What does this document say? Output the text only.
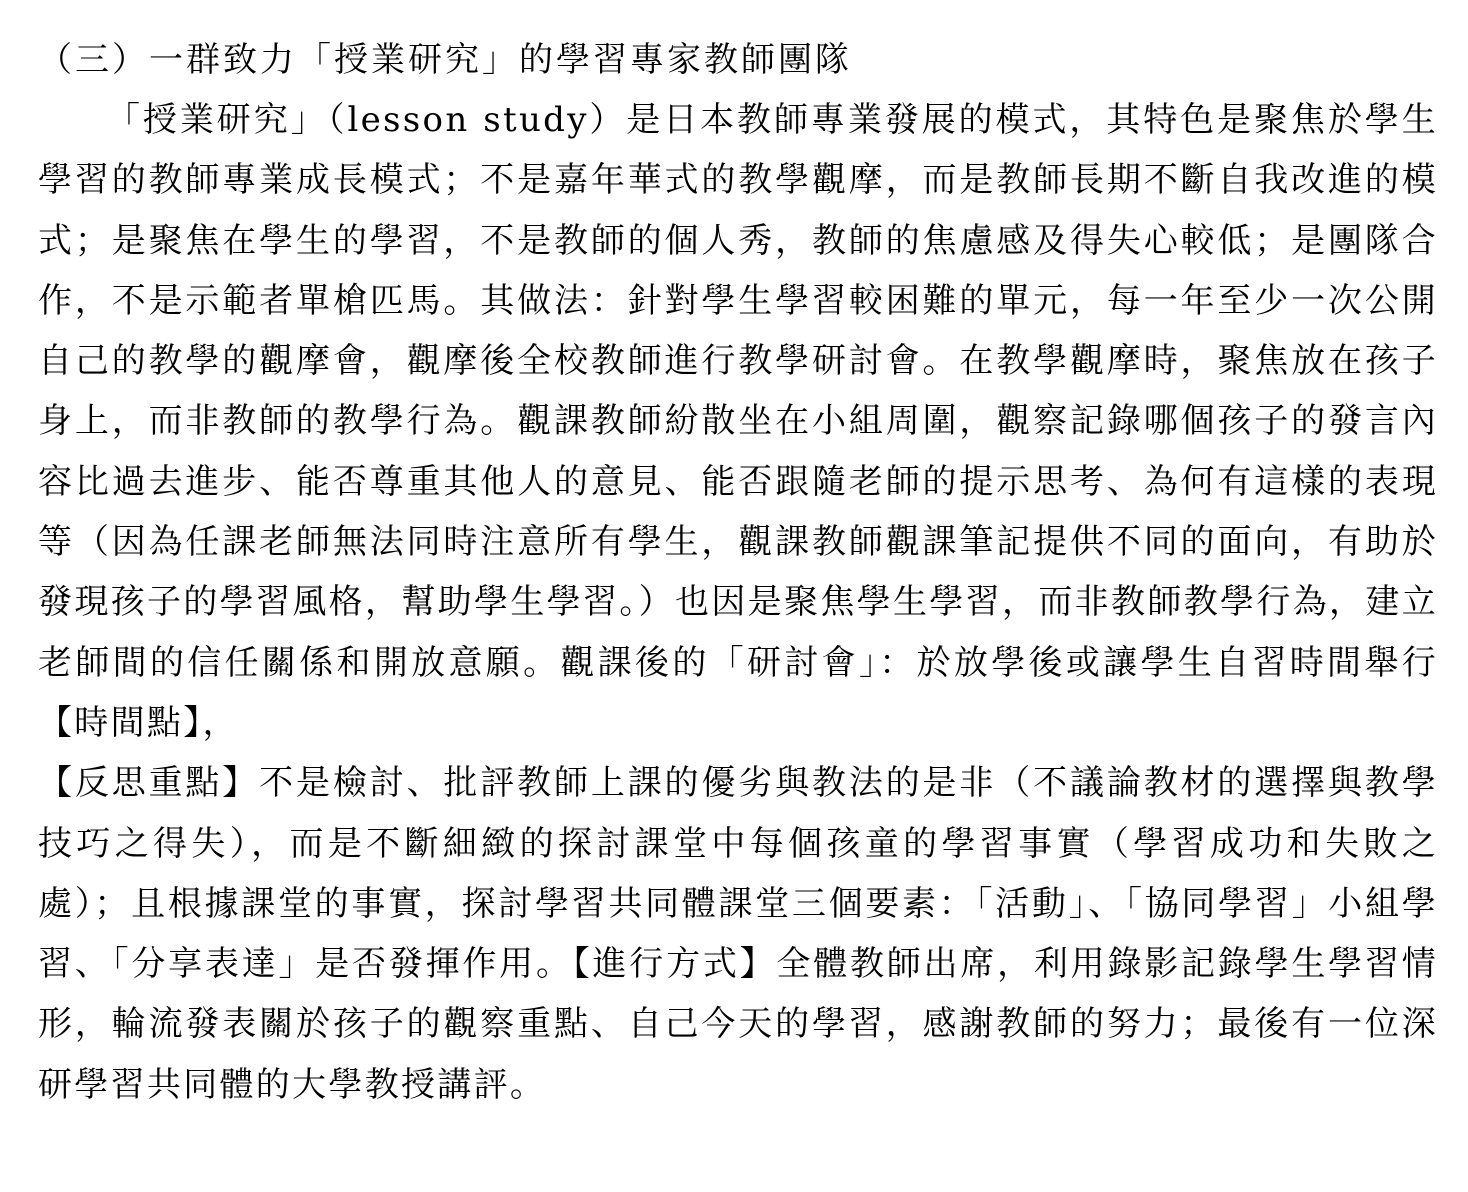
（三）一群致力「授業研究」的學習專家教師團隊

「授業研究」（lesson study）是日本教師專業發展的模式，其特色是聚焦於學生學習的教師專業成長模式；不是嘉年華式的教學觀摩，而是教師長期不斷自我改進的模式；是聚焦在學生的學習，不是教師的個人秀，教師的焦慮感及得失心較低；是團隊合作，不是示範者單槍匹馬。其做法：針對學生學習較困難的單元，每一年至少一次公開自己的教學的觀摩會，觀摩後全校教師進行教學研討會。在教學觀摩時，聚焦放在孩子身上，而非教師的教學行為。觀課教師紛散坐在小組周圍，觀察記錄哪個孩子的發言內容比過去進步、能否尊重其他人的意見、能否跟隨老師的提示思考、為何有這樣的表現等（因為任課老師無法同時注意所有學生，觀課教師觀課筆記提供不同的面向，有助於發現孩子的學習風格，幫助學生學習。）也因是聚焦學生學習，而非教師教學行為，建立老師間的信任關係和開放意願。觀課後的「研討會」：於放學後或讓學生自習時間舉行【時間點】，

【反思重點】不是檢討、批評教師上課的優劣與教法的是非（不議論教材的選擇與教學技巧之得失），而是不斷細緻的探討課堂中每個孩童的學習事實（學習成功和失敗之處）；且根據課堂的事實，探討學習共同體課堂三個要素：「活動」、「協同學習」小組學習、「分享表達」是否發揮作用。【進行方式】全體教師出席，利用錄影記錄學生學習情形，輪流發表關於孩子的觀察重點、自己今天的學習，感謝教師的努力；最後有一位深研學習共同體的大學教授講評。
